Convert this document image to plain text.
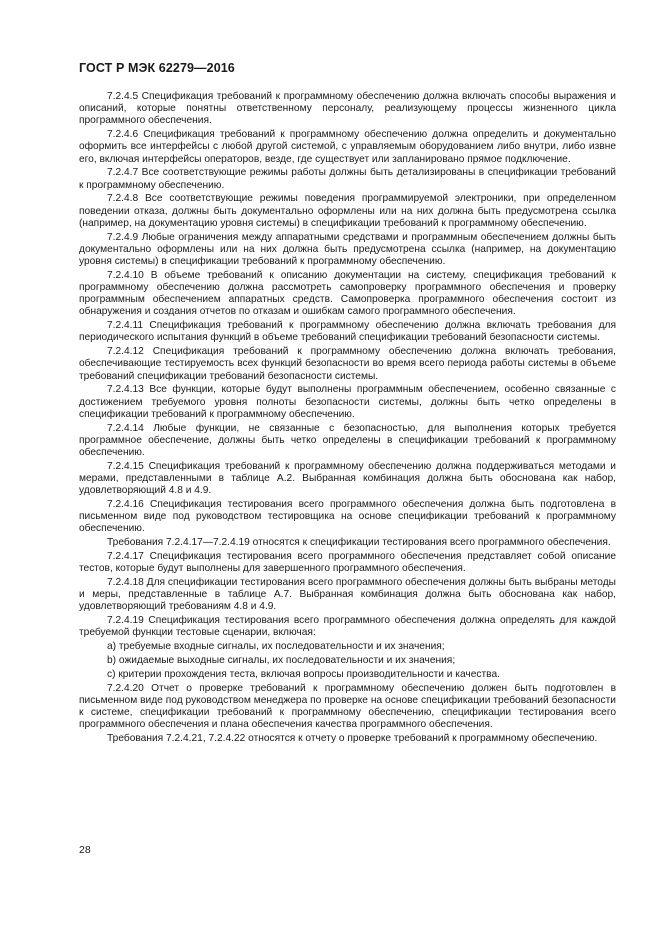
ГОСТ Р МЭК 62279—2016

7.2.4.5 Спецификация требований к программному обеспечению должна включать способы выражения и описаний, которые понятны ответственному персоналу, реализующему процессы жизненного цикла программного обеспечения.

7.2.4.6 Спецификация требований к программному обеспечению должна определить и документально оформить все интерфейсы с любой другой системой, с управляемым оборудованием либо внутри, либо извне его, включая интерфейсы операторов, везде, где существует или запланировано прямое подключение.

7.2.4.7 Все соответствующие режимы работы должны быть детализированы в спецификации требований к программному обеспечению.

7.2.4.8 Все соответствующие режимы поведения программируемой электроники, при определенном поведении отказа, должны быть документально оформлены или на них должна быть предусмотрена ссылка (например, на документацию уровня системы) в спецификации требований к программному обеспечению.

7.2.4.9 Любые ограничения между аппаратными средствами и программным обеспечением должны быть документально оформлены или на них должна быть предусмотрена ссылка (например, на документацию уровня системы) в спецификации требований к программному обеспечению.

7.2.4.10 В объеме требований к описанию документации на систему, спецификация требований к программному обеспечению должна рассмотреть самопроверку программного обеспечения и проверку программным обеспечением аппаратных средств. Самопроверка программного обеспечения состоит из обнаружения и создания отчетов по отказам и ошибкам самого программного обеспечения.

7.2.4.11 Спецификация требований к программному обеспечению должна включать требования для периодического испытания функций в объеме требований спецификации требований безопасности системы.

7.2.4.12 Спецификация требований к программному обеспечению должна включать требования, обеспечивающие тестируемость всех функций безопасности во время всего периода работы системы в объеме требований спецификации требований безопасности системы.

7.2.4.13 Все функции, которые будут выполнены программным обеспечением, особенно связанные с достижением требуемого уровня полноты безопасности системы, должны быть четко определены в спецификации требований к программному обеспечению.

7.2.4.14 Любые функции, не связанные с безопасностью, для выполнения которых требуется программное обеспечение, должны быть четко определены в спецификации требований к программному обеспечению.

7.2.4.15 Спецификация требований к программному обеспечению должна поддерживаться методами и мерами, представленными в таблице А.2. Выбранная комбинация должна быть обоснована как набор, удовлетворяющий 4.8 и 4.9.

7.2.4.16 Спецификация тестирования всего программного обеспечения должна быть подготовлена в письменном виде под руководством тестировщика на основе спецификации требований к программному обеспечению.

Требования 7.2.4.17—7.2.4.19 относятся к спецификации тестирования всего программного обеспечения.

7.2.4.17 Спецификация тестирования всего программного обеспечения представляет собой описание тестов, которые будут выполнены для завершенного программного обеспечения.

7.2.4.18 Для спецификации тестирования всего программного обеспечения должны быть выбраны методы и меры, представленные в таблице А.7. Выбранная комбинация должна быть обоснована как набор, удовлетворяющий требованиям 4.8 и 4.9.

7.2.4.19 Спецификация тестирования всего программного обеспечения должна определять для каждой требуемой функции тестовые сценарии, включая:

a) требуемые входные сигналы, их последовательности и их значения;

b) ожидаемые выходные сигналы, их последовательности и их значения;

c) критерии прохождения теста, включая вопросы производительности и качества.

7.2.4.20 Отчет о проверке требований к программному обеспечению должен быть подготовлен в письменном виде под руководством менеджера по проверке на основе спецификации требований безопасности к системе, спецификации требований к программному обеспечению, спецификации тестирования всего программного обеспечения и плана обеспечения качества программного обеспечения.

Требования 7.2.4.21, 7.2.4.22 относятся к отчету о проверке требований к программному обеспечению.

28
